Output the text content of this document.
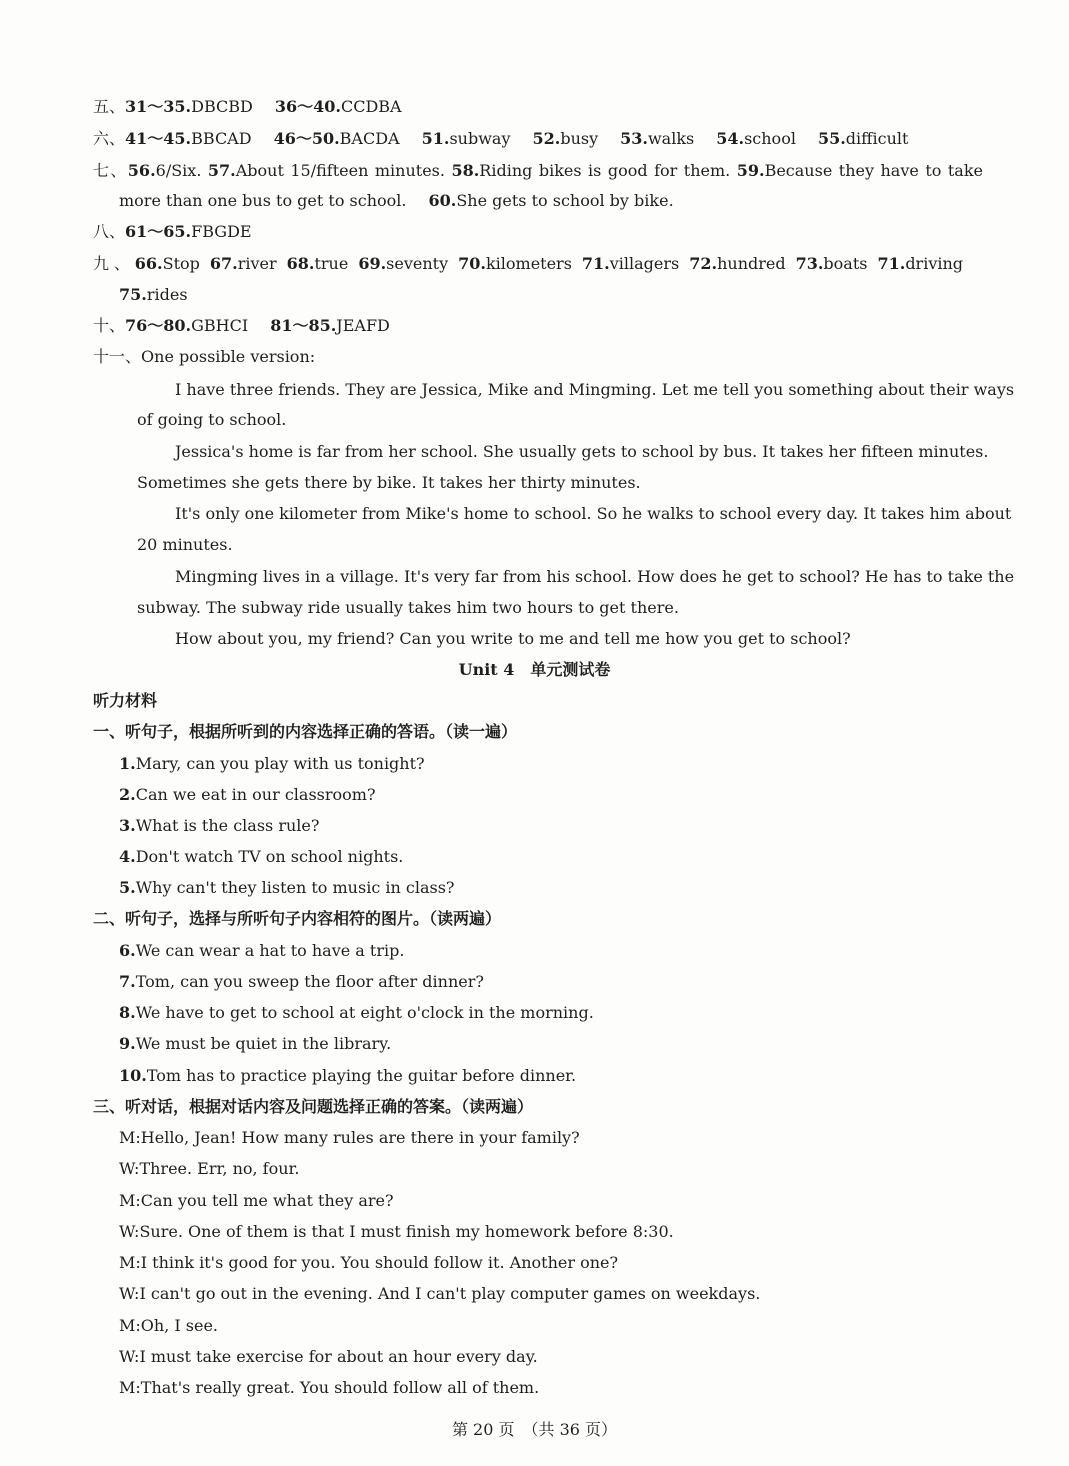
五、31～35.DBCBD 36～40.CCDBA
六、41～45.BBCAD 46～50.BACDA 51.subway 52.busy 53.walks 54.school 55.difficult
七、56.6/Six. 57.About 15/fifteen minutes. 58.Riding bikes is good for them. 59.Because they have to take
more than one bus to get to school. 60.She gets to school by bike.
八、61～65.FBGDE
九、66.Stop 67.river 68.true 69.seventy 70.kilometers 71.villagers 72.hundred 73.boats 71.driving
75.rides
十、76～80.GBHCI 81～85.JEAFD
十一、One possible version:
I have three friends. They are Jessica, Mike and Mingming. Let me tell you something about their ways
of going to school.
Jessica's home is far from her school. She usually gets to school by bus. It takes her fifteen minutes.
Sometimes she gets there by bike. It takes her thirty minutes.
It's only one kilometer from Mike's home to school. So he walks to school every day. It takes him about
20 minutes.
Mingming lives in a village. It's very far from his school. How does he get to school? He has to take the
subway. The subway ride usually takes him two hours to get there.
How about you, my friend? Can you write to me and tell me how you get to school?
Unit 4　单元测试卷
听力材料
一、听句子，根据所听到的内容选择正确的答语。（读一遍）
1.Mary, can you play with us tonight?
2.Can we eat in our classroom?
3.What is the class rule?
4.Don't watch TV on school nights.
5.Why can't they listen to music in class?
二、听句子，选择与所听句子内容相符的图片。（读两遍）
6.We can wear a hat to have a trip.
7.Tom, can you sweep the floor after dinner?
8.We have to get to school at eight o'clock in the morning.
9.We must be quiet in the library.
10.Tom has to practice playing the guitar before dinner.
三、听对话，根据对话内容及问题选择正确的答案。（读两遍）
M:Hello, Jean! How many rules are there in your family?
W:Three. Err, no, four.
M:Can you tell me what they are?
W:Sure. One of them is that I must finish my homework before 8:30.
M:I think it's good for you. You should follow it. Another one?
W:I can't go out in the evening. And I can't play computer games on weekdays.
M:Oh, I see.
W:I must take exercise for about an hour every day.
M:That's really great. You should follow all of them.
第 20 页　（共 36 页）
